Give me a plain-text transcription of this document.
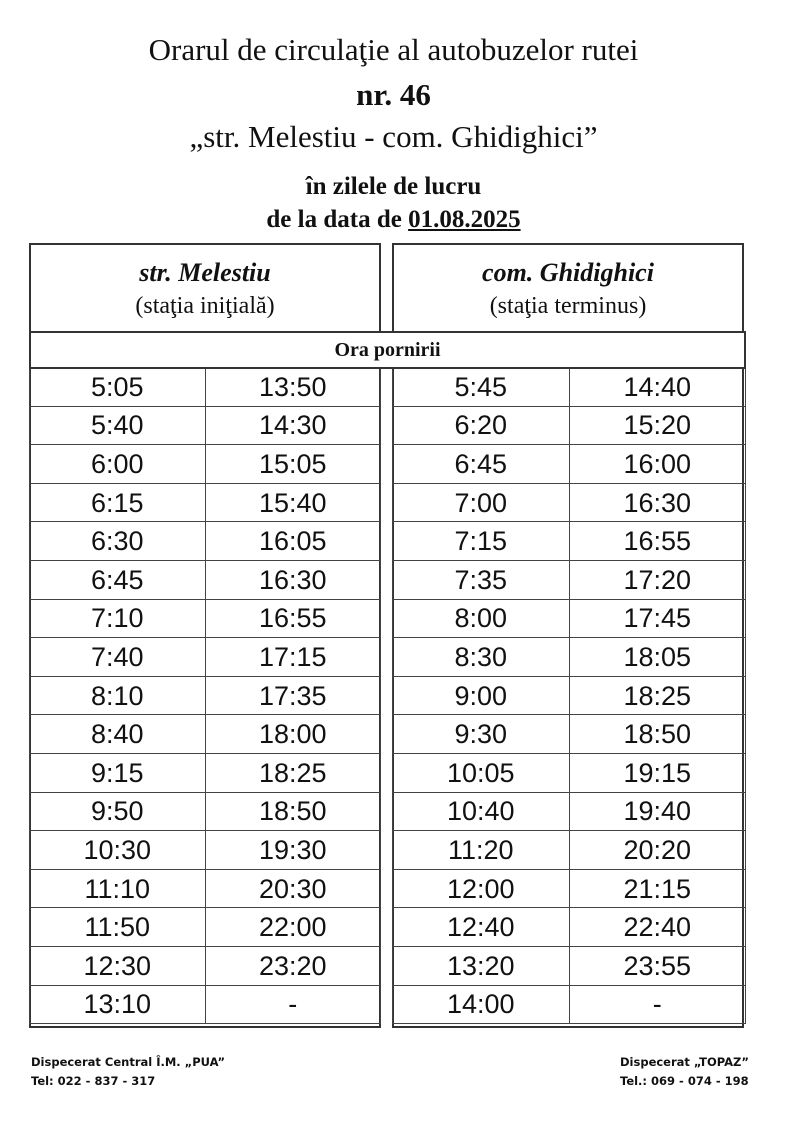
Orarul de circulaţie al autobuzelor rutei
nr. 46
„str. Melestiu - com. Ghidighici”
în zilele de lucru
de la data de 01.08.2025
str. Melestiu
(staţia iniţială)
com. Ghidighici
(staţia terminus)
Ora pornirii
5:05	13:50
5:40	14:30
6:00	15:05
6:15	15:40
6:30	16:05
6:45	16:30
7:10	16:55
7:40	17:15
8:10	17:35
8:40	18:00
9:15	18:25
9:50	18:50
10:30	19:30
11:10	20:30
11:50	22:00
12:30	23:20
13:10	-
5:45	14:40
6:20	15:20
6:45	16:00
7:00	16:30
7:15	16:55
7:35	17:20
8:00	17:45
8:30	18:05
9:00	18:25
9:30	18:50
10:05	19:15
10:40	19:40
11:20	20:20
12:00	21:15
12:40	22:40
13:20	23:55
14:00	-
Dispecerat Central Î.M. „PUA”
Tel: 022 - 837 - 317
Dispecerat „TOPAZ”
Tel.: 069 - 074 - 198
